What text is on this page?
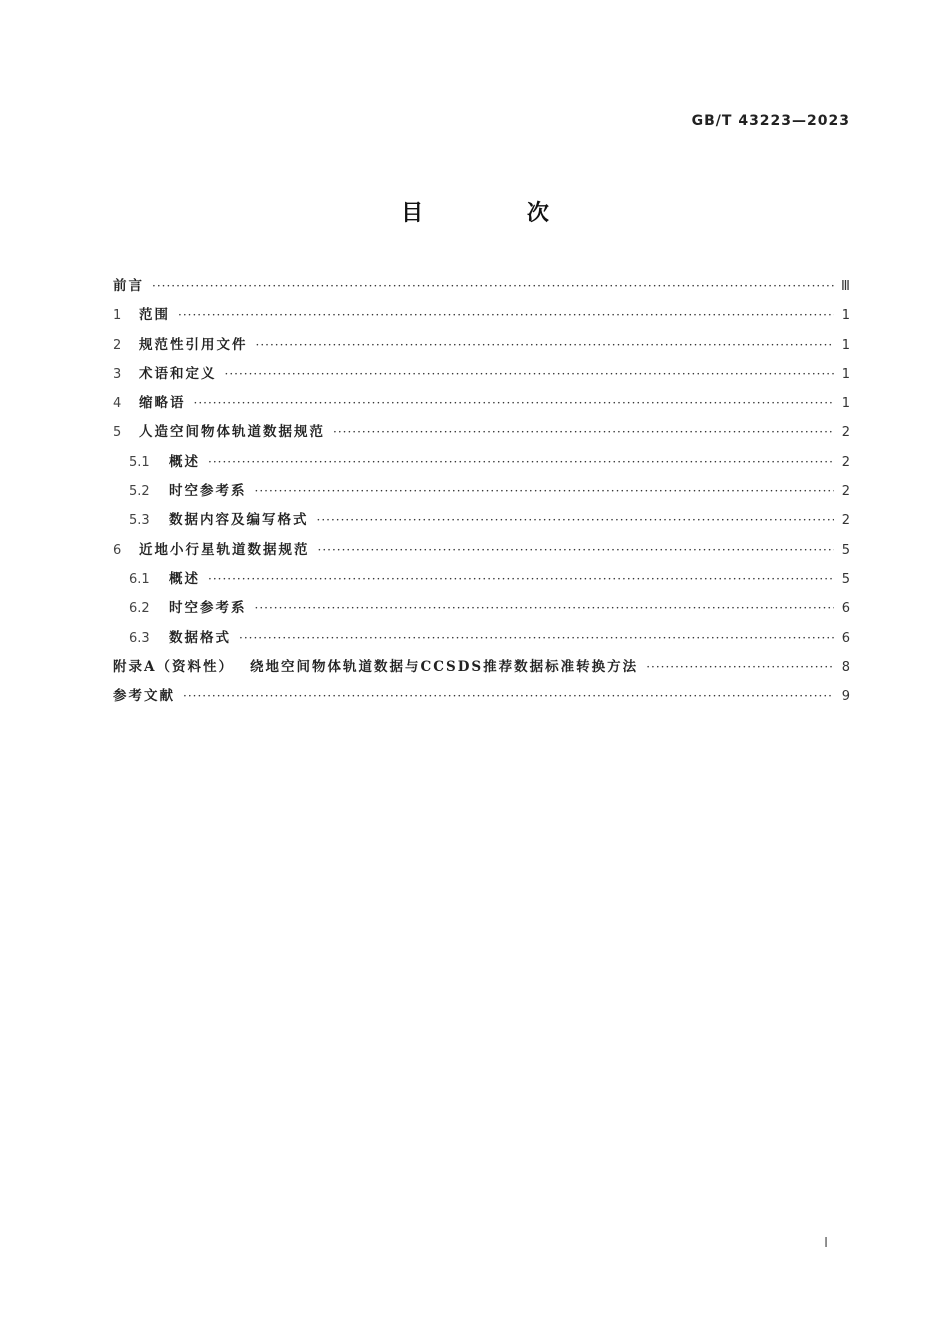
GB/T 43223—2023
目 次
前言 ·····	Ⅲ
1	范围 ·····	1
2	规范性引用文件 ·····	1
3	术语和定义 ·····	1
4	缩略语 ·····	1
5	人造空间物体轨道数据规范 ·····	2
5.1	概述 ·····	2
5.2	时空参考系 ·····	2
5.3	数据内容及编写格式 ·····	2
6	近地小行星轨道数据规范 ·····	5
6.1	概述 ·····	5
6.2	时空参考系 ·····	6
6.3	数据格式 ·····	6
附录A（资料性） 绕地空间物体轨道数据与CCSDS推荐数据标准转换方法 ·····	8
参考文献 ·····	9
Ⅰ
